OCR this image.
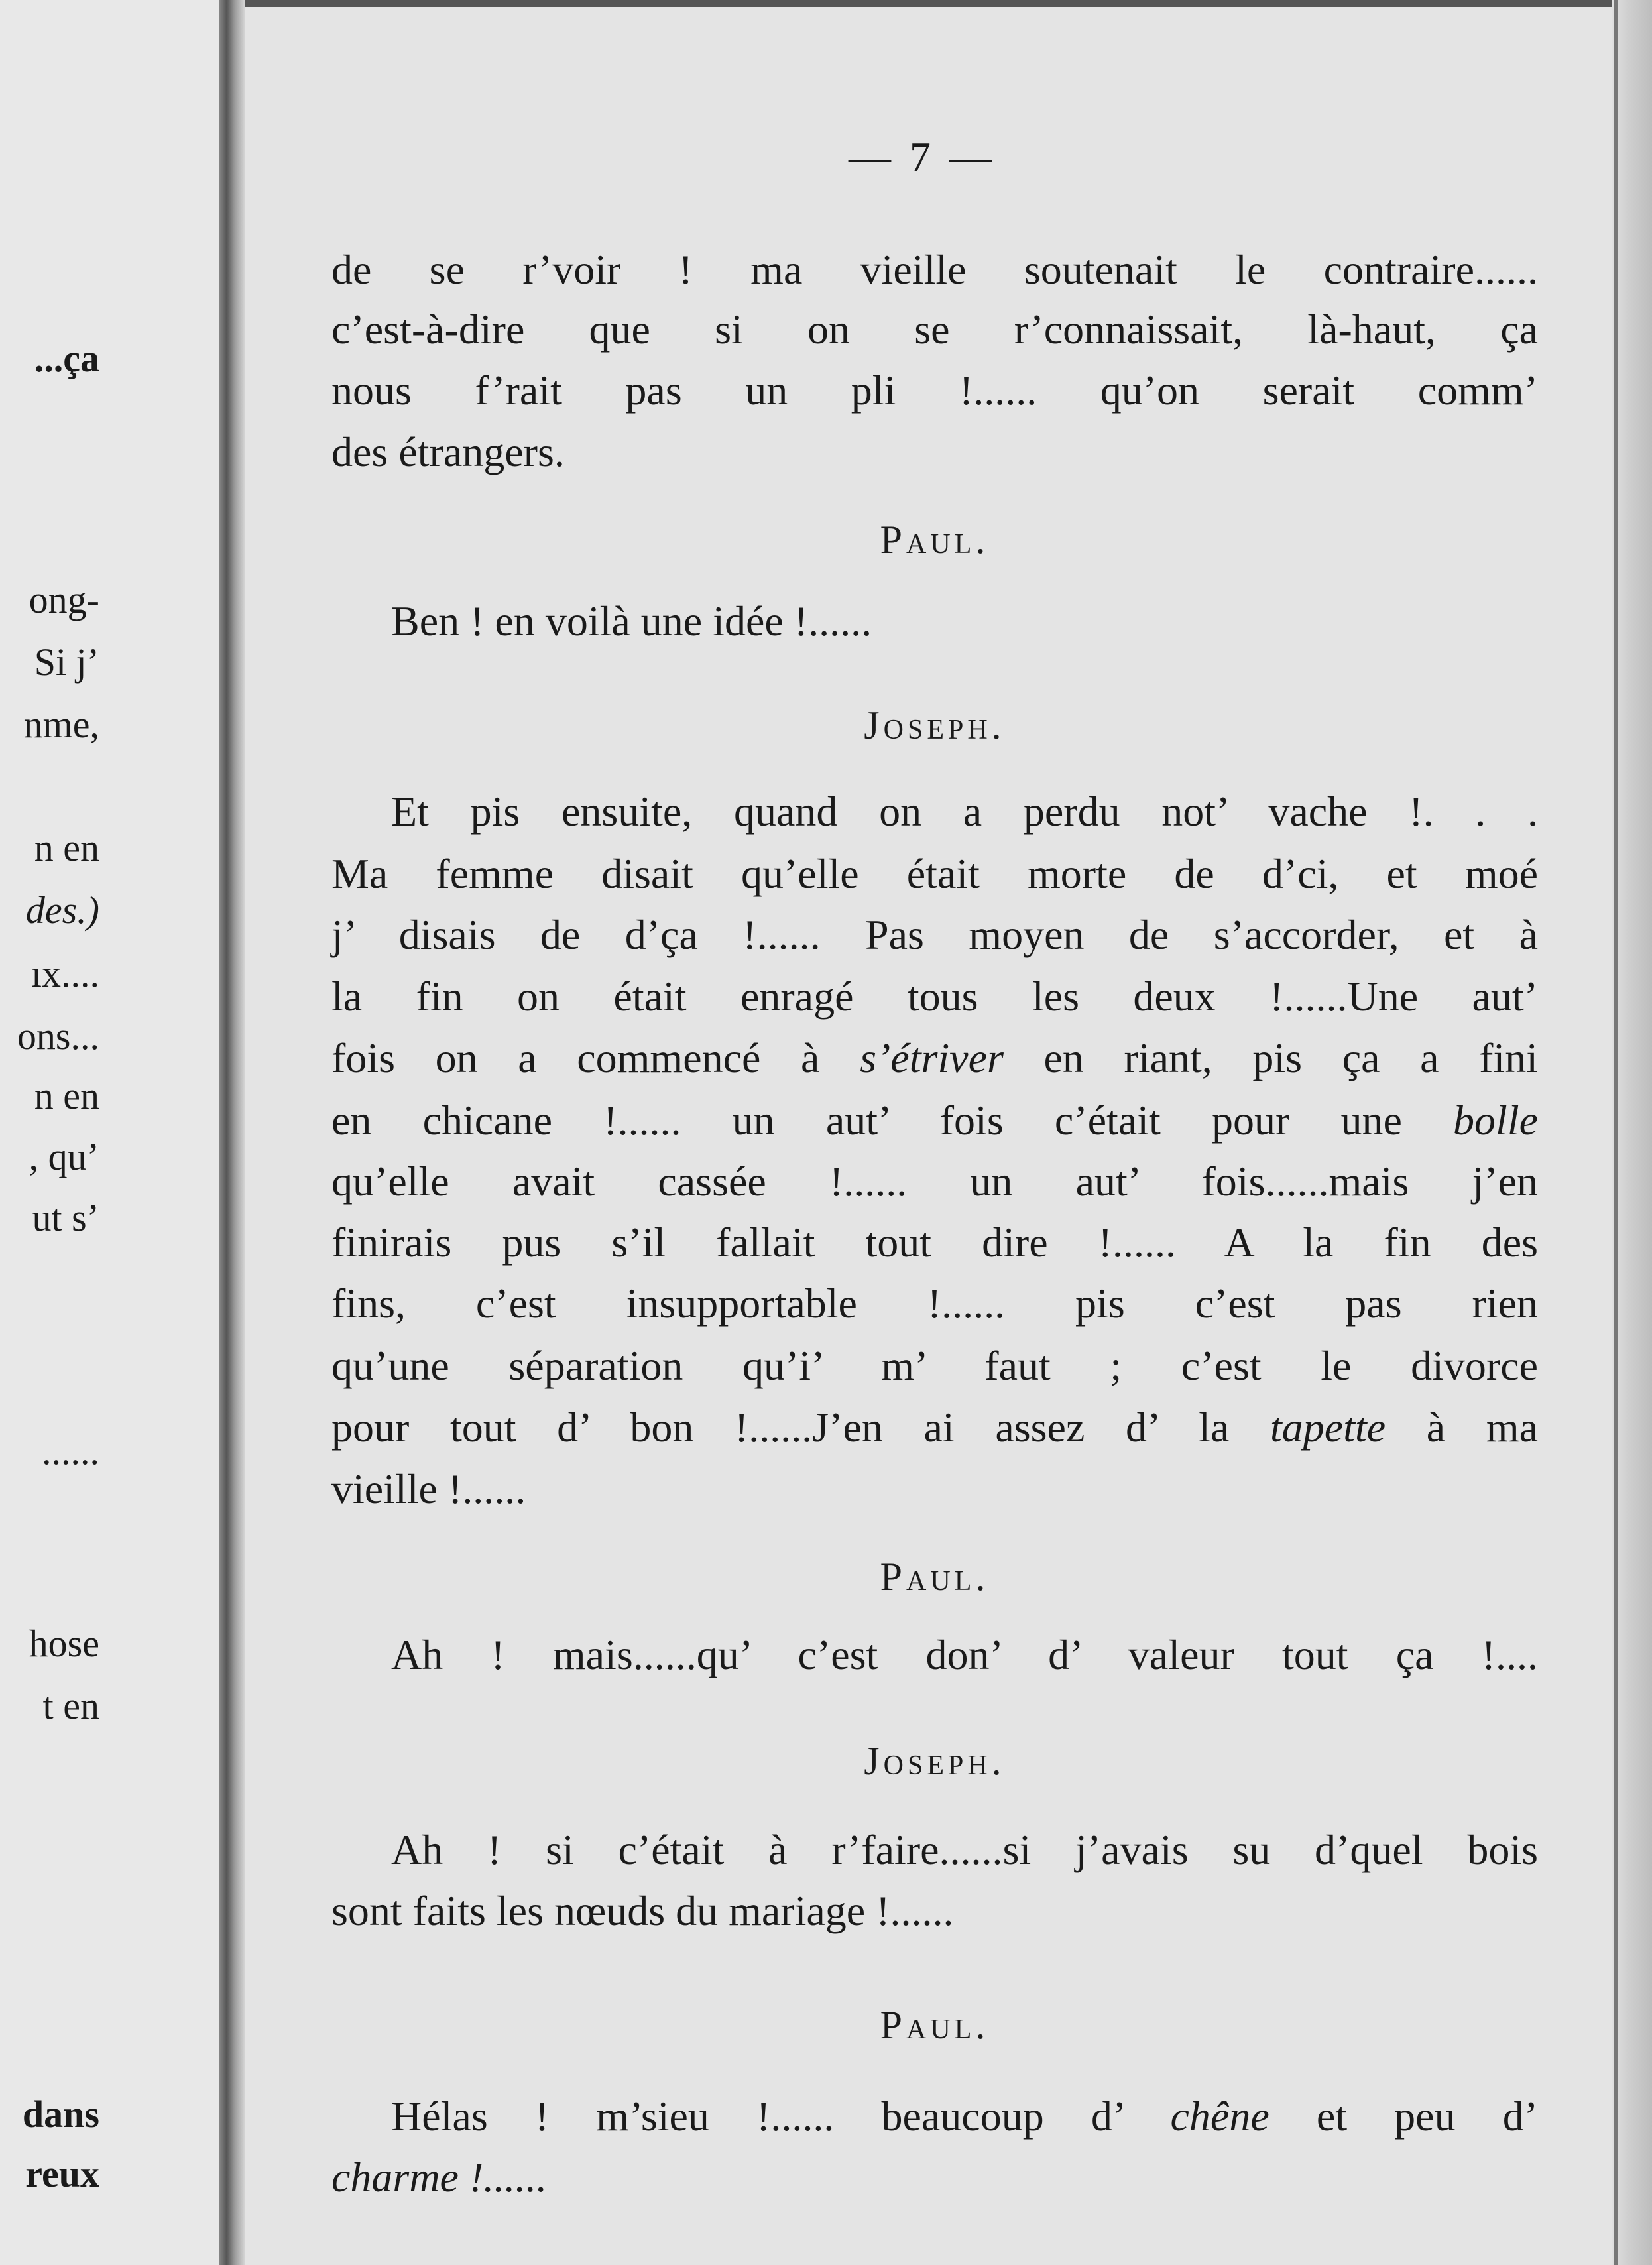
...ça
ong-
Si j’
nme,
n en
des.)
ıx....
ons...
n en
, qu’
ut s’
......
hose
t en
dans
reux
— 7 —
de se r’voir ! ma vieille soutenait le contraire......
c’est-à-dire que si on se r’connaissait, là-haut, ça
nous f’rait pas un pli !...... qu’on serait comm’
des étrangers.
Paul.
Ben ! en voilà une idée !......
Joseph.
Et pis ensuite, quand on a perdu not’ vache !. . .
Ma femme disait qu’elle était morte de d’ci, et moé
j’ disais de d’ça !...... Pas moyen de s’accorder, et à
la fin on était enragé tous les deux !......Une aut’
fois on a commencé à s’étriver en riant, pis ça a fini
en chicane !...... un aut’ fois c’était pour une bolle
qu’elle avait cassée !...... un aut’ fois......mais j’en
finirais pus s’il fallait tout dire !...... A la fin des
fins, c’est insupportable !...... pis c’est pas rien
qu’une séparation qu’i’ m’ faut ; c’est le divorce
pour tout d’ bon !......J’en ai assez d’ la tapette à ma
vieille !......
Paul.
Ah ! mais......qu’ c’est don’ d’ valeur tout ça !....
Joseph.
Ah ! si c’était à r’faire......si j’avais su d’quel bois
sont faits les nœuds du mariage !......
Paul.
Hélas ! m’sieu !...... beaucoup d’ chêne et peu d’
charme !......
